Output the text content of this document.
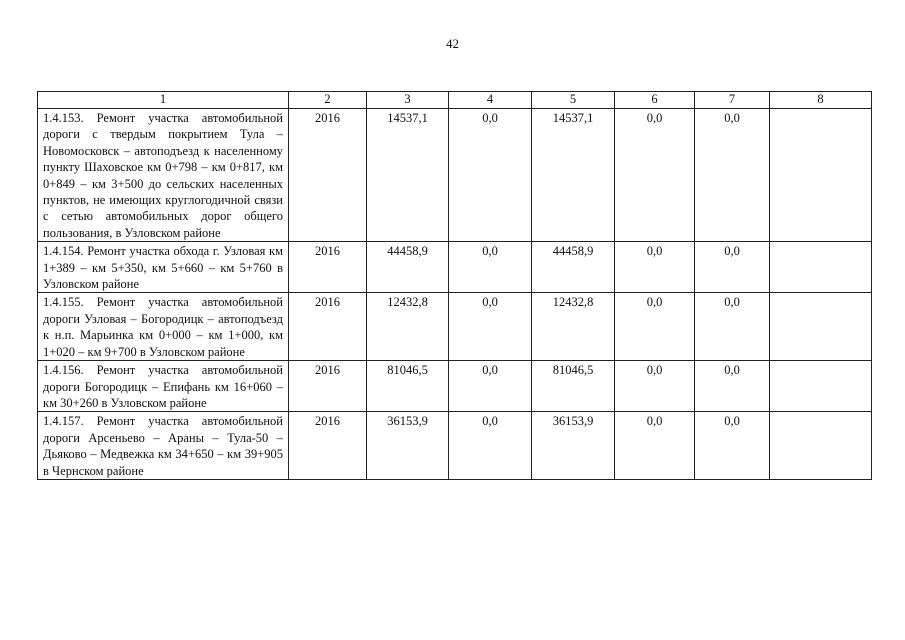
42
1	2	3	4	5	6	7	8
1.4.153. Ремонт участка автомобильной дороги с твердым покрытием Тула – Новомосковск – автоподъезд к населенному пункту Шаховское км 0+798 – км 0+817, км 0+849 – км 3+500 до сельских населенных пунктов, не имеющих круглогодичной связи с сетью автомобильных дорог общего пользования, в Узловском районе	2016	14537,1	0,0	14537,1	0,0	0,0	
1.4.154. Ремонт участка обхода г. Узловая км 1+389 – км 5+350, км 5+660 – км 5+760 в Узловском районе	2016	44458,9	0,0	44458,9	0,0	0,0	
1.4.155. Ремонт участка автомобильной дороги Узловая – Богородицк – автоподъезд к н.п. Марьинка км 0+000 – км 1+000, км 1+020 – км 9+700 в Узловском районе	2016	12432,8	0,0	12432,8	0,0	0,0	
1.4.156. Ремонт участка автомобильной дороги Богородицк – Епифань км 16+060 – км 30+260 в Узловском районе	2016	81046,5	0,0	81046,5	0,0	0,0	
1.4.157. Ремонт участка автомобильной дороги Арсеньево – Араны – Тула-50 – Дьяково – Медвежка км 34+650 – км 39+905 в Чернском районе	2016	36153,9	0,0	36153,9	0,0	0,0	
